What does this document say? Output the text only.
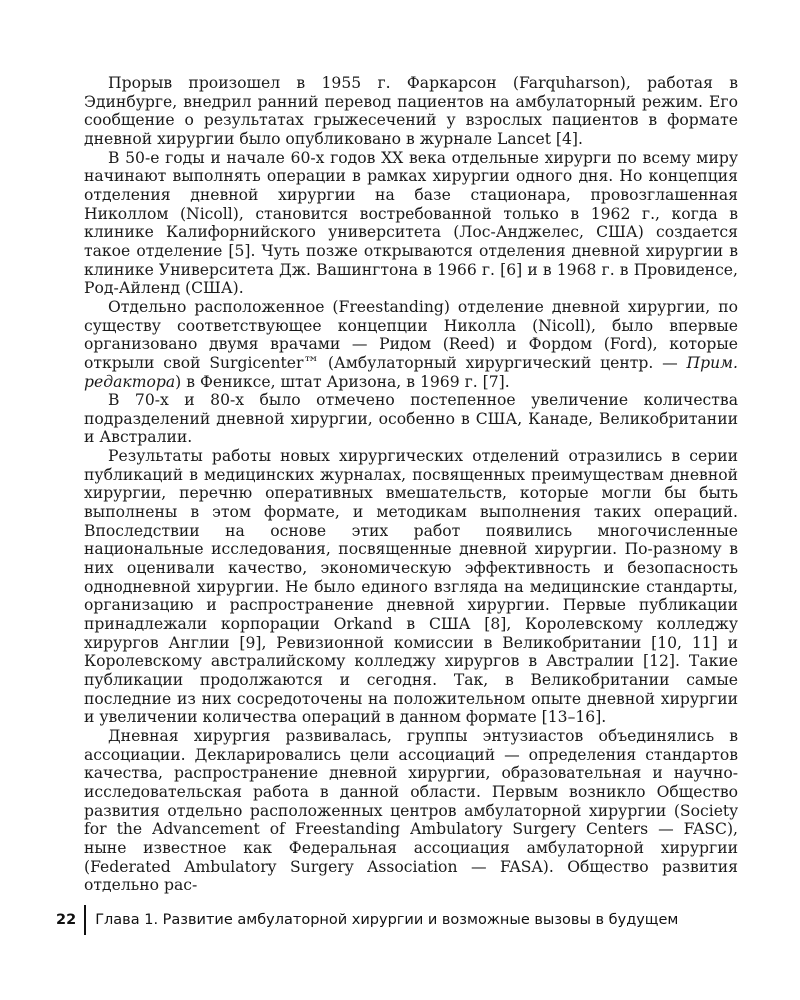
Прорыв произошел в 1955 г. Фаркарсон (Farquharson), работая в Эдинбурге, внедрил ранний перевод пациентов на амбулаторный режим. Его сообщение о результатах грыжесечений у взрослых пациентов в формате дневной хирургии было опубликовано в журнале Lancet [4].

В 50-е годы и начале 60-х годов XX века отдельные хирурги по всему миру начинают выполнять операции в рамках хирургии одного дня. Но концепция отделения дневной хирургии на базе стационара, провозглашенная Николлом (Nicoll), становится востребованной только в 1962 г., когда в клинике Калифорнийского университета (Лос-Анджелес, США) создается такое отделение [5]. Чуть позже открываются отделения дневной хирургии в клинике Университета Дж. Вашингтона в 1966 г. [6] и в 1968 г. в Провиденсе, Род-Айленд (США).

Отдельно расположенное (Freestanding) отделение дневной хирургии, по существу соответствующее концепции Николла (Nicoll), было впервые организовано двумя врачами — Ридом (Reed) и Фордом (Ford), которые открыли свой Surgicenter™ (Амбулаторный хирургический центр. — Прим. редактора) в Фениксе, штат Аризона, в 1969 г. [7].

В 70-х и 80-х было отмечено постепенное увеличение количества подразделений дневной хирургии, особенно в США, Канаде, Великобритании и Австралии.

Результаты работы новых хирургических отделений отразились в серии публикаций в медицинских журналах, посвященных преимуществам дневной хирургии, перечню оперативных вмешательств, которые могли бы быть выполнены в этом формате, и методикам выполнения таких операций. Впоследствии на основе этих работ появились многочисленные национальные исследования, посвященные дневной хирургии. По-разному в них оценивали качество, экономическую эффективность и безопасность однодневной хирургии. Не было единого взгляда на медицинские стандарты, организацию и распространение дневной хирургии. Первые публикации принадлежали корпорации Orkand в США [8], Королевскому колледжу хирургов Англии [9], Ревизионной комиссии в Великобритании [10, 11] и Королевскому австралийскому колледжу хирургов в Австралии [12]. Такие публикации продолжаются и сегодня. Так, в Великобритании самые последние из них сосредоточены на положительном опыте дневной хирургии и увеличении количества операций в данном формате [13–16].

Дневная хирургия развивалась, группы энтузиастов объединялись в ассоциации. Декларировались цели ассоциаций — определения стандартов качества, распространение дневной хирургии, образовательная и научно-исследовательская работа в данной области. Первым возникло Общество развития отдельно расположенных центров амбулаторной хирургии (Society for the Advancement of Freestanding Ambulatory Surgery Centers — FASC), ныне известное как Федеральная ассоциация амбулаторной хирургии (Federated Ambulatory Surgery Association — FASA). Общество развития отдельно рас-

22	Глава 1. Развитие амбулаторной хирургии и возможные вызовы в будущем
